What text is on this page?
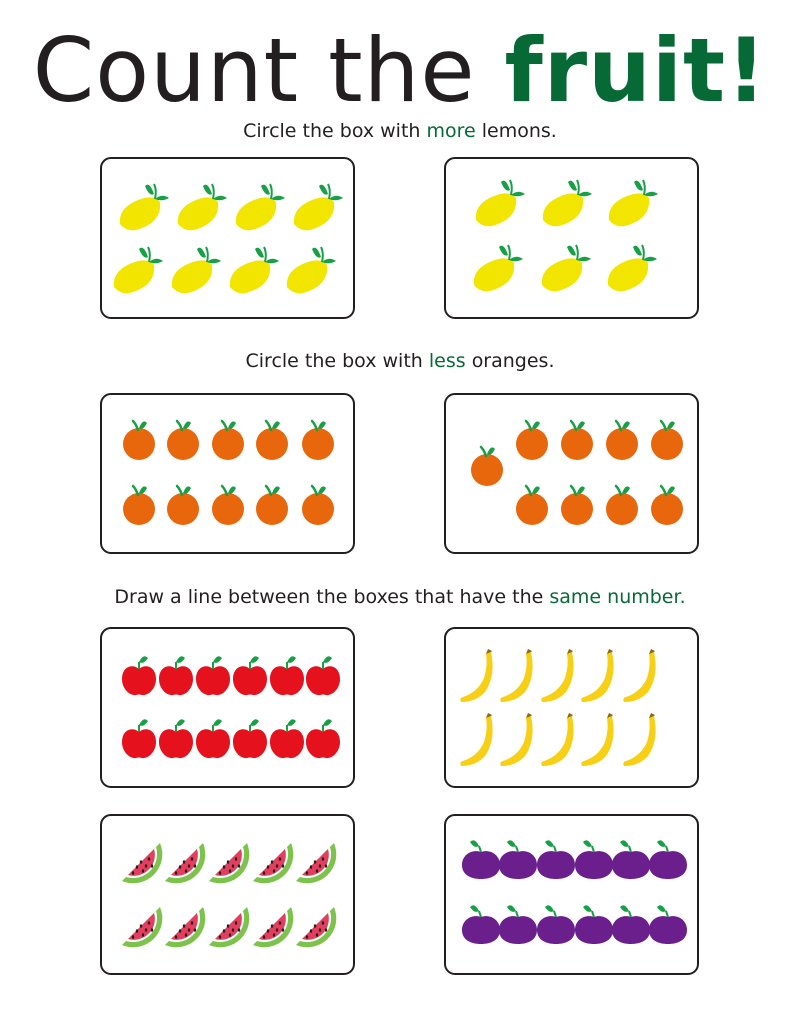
Count the fruit!
Circle the box with more lemons.
Circle the box with less oranges.
Draw a line between the boxes that have the same number.
